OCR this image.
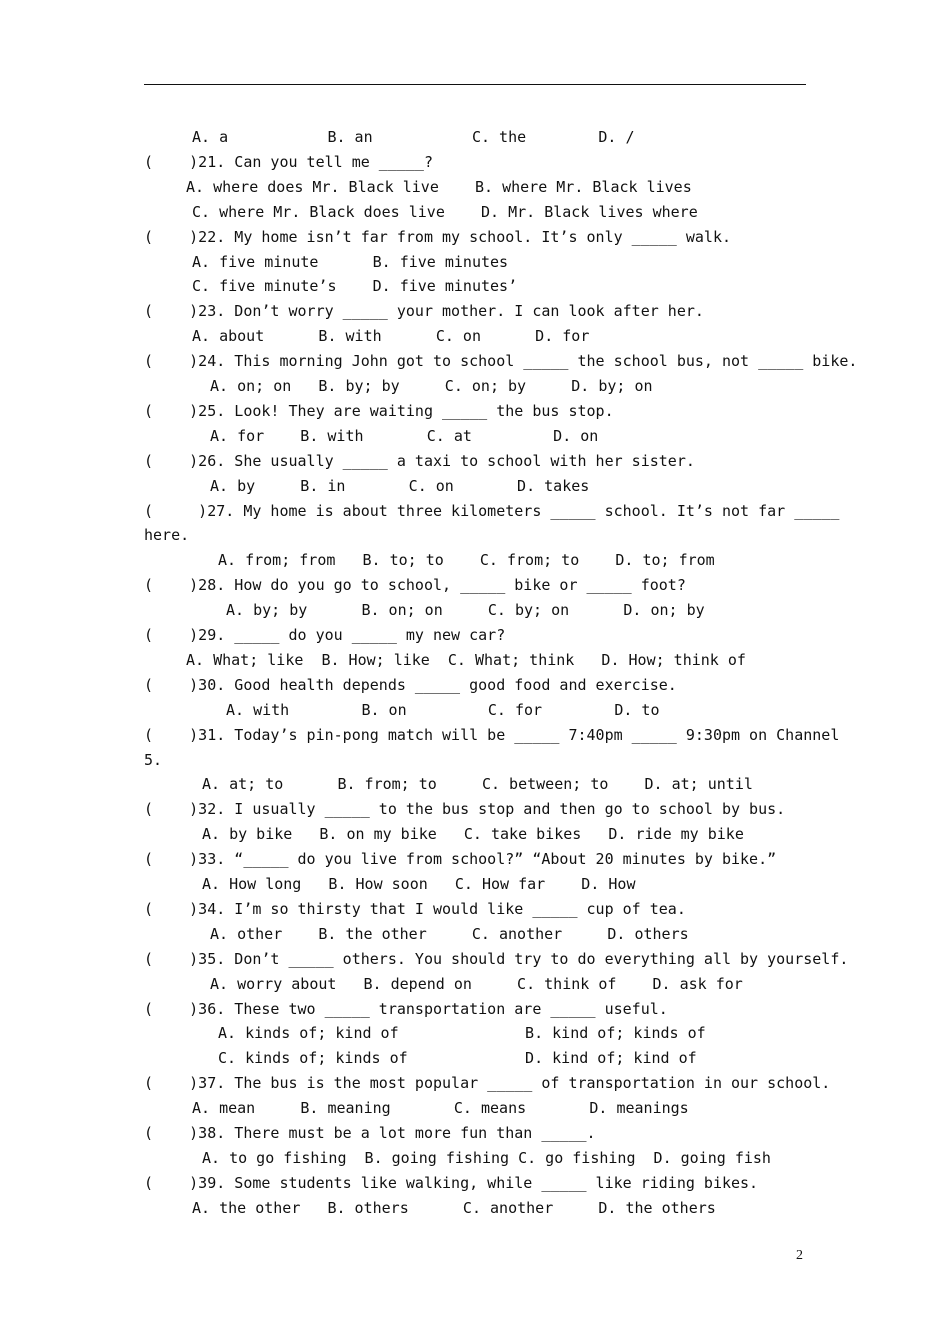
A. a           B. an           C. the        D. /
(    )21. Can you tell me _____?
A. where does Mr. Black live    B. where Mr. Black lives
C. where Mr. Black does live    D. Mr. Black lives where
(    )22. My home isn’t far from my school. It’s only _____ walk.
A. five minute      B. five minutes
C. five minute’s    D. five minutes’
(    )23. Don’t worry _____ your mother. I can look after her.
A. about      B. with      C. on      D. for
(    )24. This morning John got to school _____ the school bus, not _____ bike.
A. on; on   B. by; by     C. on; by     D. by; on
(    )25. Look! They are waiting _____ the bus stop.
A. for    B. with       C. at         D. on
(    )26. She usually _____ a taxi to school with her sister.
A. by     B. in       C. on       D. takes
(     )27. My home is about three kilometers _____ school. It’s not far _____
here.
A. from; from   B. to; to    C. from; to    D. to; from
(    )28. How do you go to school, _____ bike or _____ foot?
A. by; by      B. on; on     C. by; on      D. on; by
(    )29. _____ do you _____ my new car?
A. What; like  B. How; like  C. What; think   D. How; think of
(    )30. Good health depends _____ good food and exercise.
A. with        B. on         C. for        D. to
(    )31. Today’s pin-pong match will be _____ 7:40pm _____ 9:30pm on Channel
5.
A. at; to      B. from; to     C. between; to    D. at; until
(    )32. I usually _____ to the bus stop and then go to school by bus.
A. by bike   B. on my bike   C. take bikes   D. ride my bike
(    )33. “_____ do you live from school?” “About 20 minutes by bike.”
A. How long   B. How soon   C. How far    D. How
(    )34. I’m so thirsty that I would like _____ cup of tea.
A. other    B. the other     C. another     D. others
(    )35. Don’t _____ others. You should try to do everything all by yourself.
A. worry about   B. depend on     C. think of    D. ask for
(    )36. These two _____ transportation are _____ useful.
A. kinds of; kind of              B. kind of; kinds of
C. kinds of; kinds of             D. kind of; kind of
(    )37. The bus is the most popular _____ of transportation in our school.
A. mean     B. meaning       C. means       D. meanings
(    )38. There must be a lot more fun than _____.
A. to go fishing  B. going fishing C. go fishing  D. going fish
(    )39. Some students like walking, while _____ like riding bikes.
A. the other   B. others      C. another     D. the others
2
